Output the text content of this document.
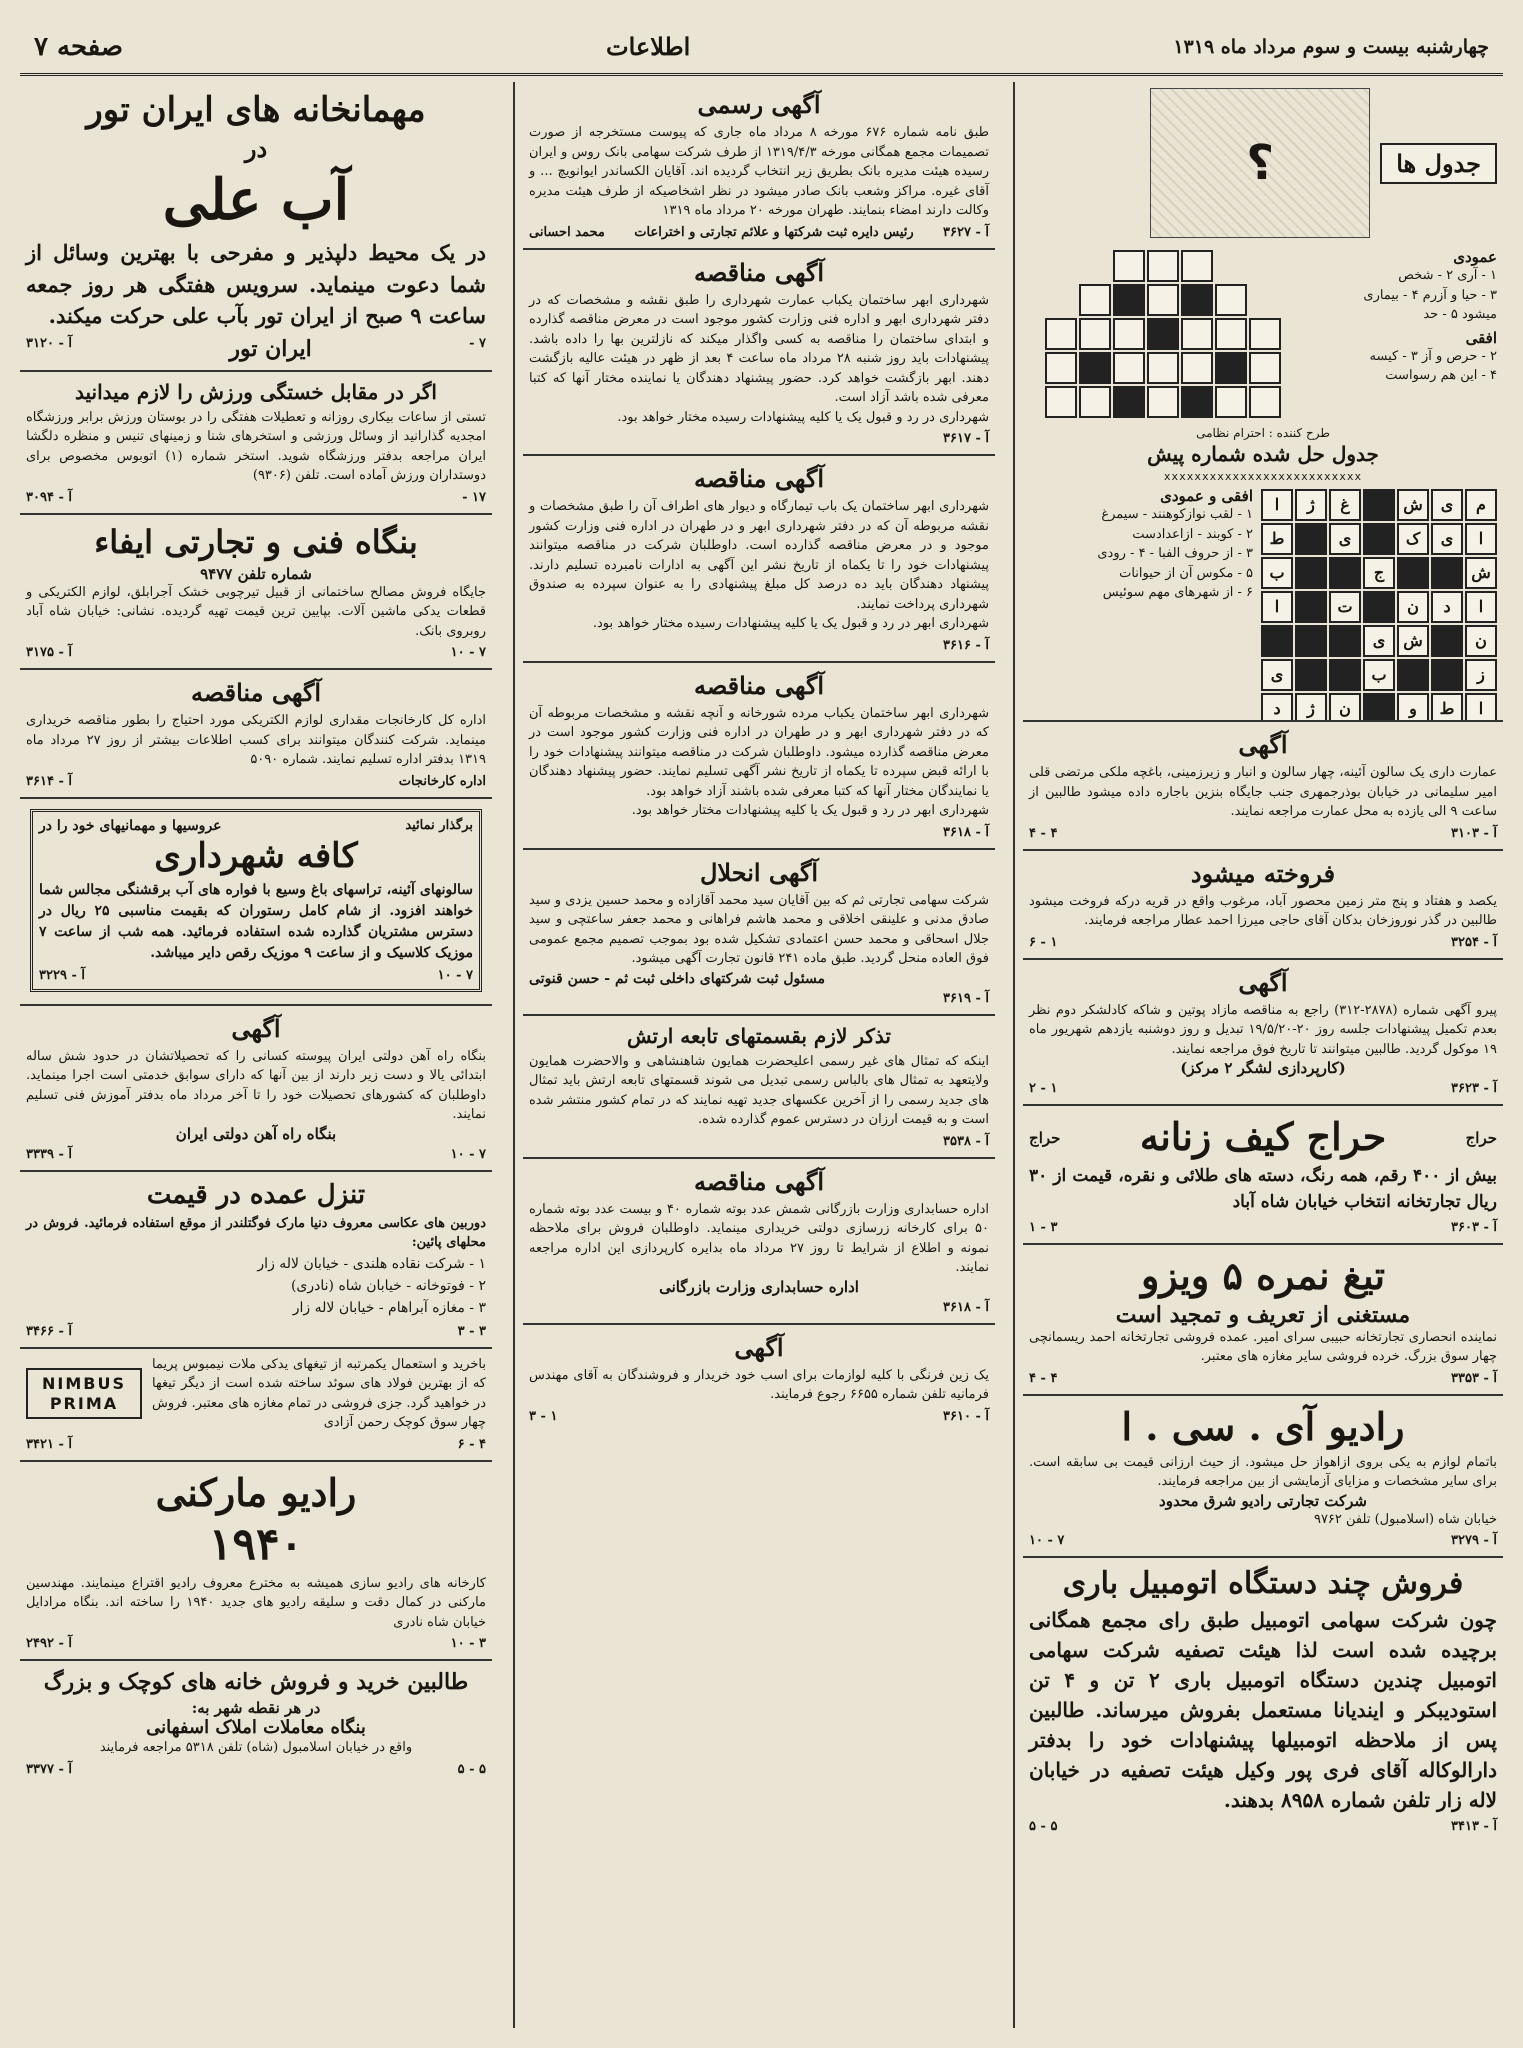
چهارشنبه بیست و سوم مرداد ماه ۱۳۱۹
اطلاعات
صفحه ۷
جدول ها
؟
عمودی
۱ - آری ۲ - شخص
۳ - حیا و آزرم ۴ - بیماری
میشود ۵ - حد
افقی
۲ - حرص و آز ۳ - کیسه
۴ - این هم رسواست
طرح کننده : احترام نظامی
جدول حل شده شماره پیش
xxxxxxxxxxxxxxxxxxxxxxxxxx
م
ی
ش
غ
ژ
ا
ا
ی
ک
ی
ط
ش
ج
ب
ا
د
ن
ت
ا
ن
ش
ی
ز
ب
ی
ا
ط
و
ن
ژ
د
افقی و عمودی
۱ - لقب نوازکوهنند - سیمرغ
۲ - کوبند - ازاعدادست
۳ - از حروف الفبا - ۴ - رودی
۵ - مکوس آن از حیوانات
۶ - از شهرهای مهم سوئیس
آگهی
عمارت داری یک سالون آئینه، چهار سالون و انبار و زیرزمینی، باغچه ملکی مرتضی قلی امیر سلیمانی در خیابان بوذرجمهری جنب جایگاه بنزین باجاره داده میشود طالبین از ساعت ۹ الی یازده به محل عمارت مراجعه نمایند.
آ - ۳۱۰۳
۴ - ۴
فروخته میشود
یکصد و هفتاد و پنج متر زمین محصور آباد، مرغوب واقع در قریه درکه فروخت میشود طالبین در گذر نوروزخان بدکان آقای حاجی میرزا احمد عطار مراجعه فرمایند.
آ - ۳۲۵۴
۱ - ۶
آگهی
پیرو آگهی شماره (۲۸۷۸-۳۱۲) راجع به مناقصه مازاد پوتین و شاکه کادلشکر دوم نظر بعدم تکمیل پیشنهادات جلسه روز ۲۰-۱۹/۵/۲۰ تبدیل و روز دوشنبه یازدهم شهریور ماه ۱۹ موکول گردید. طالبین میتوانند تا تاریخ فوق مراجعه نمایند.
(کارپردازی لشگر ۲ مرکز)
آ - ۳۶۲۳
۱ - ۲
حراج
حراج کیف زنانه
حراج
بیش از ۴۰۰ رقم، همه رنگ، دسته های طلائی و نقره، قیمت از ۳۰ ریال تجارتخانه انتخاب خیابان شاه آباد
آ - ۳۶۰۳
۳ - ۱
تیغ نمره ۵ ویزو
مستغنی از تعریف و تمجید است
نماینده انحصاری تجارتخانه حبیبی سرای امیر. عمده فروشی تجارتخانه احمد ریسمانچی چهار سوق بزرگ. خرده فروشی سایر مغازه های معتبر.
آ - ۳۳۵۳
۴ - ۴
رادیو آی . سی . ا
باتمام لوازم به یکی بروی ازاهواز حل میشود. از حیث ارزانی قیمت بی سابقه است. برای سایر مشخصات و مزایای آزمایشی از بین مراجعه فرمایند.
شرکت تجارتی رادیو شرق محدود
خیابان شاه (اسلامبول) تلفن ۹۷۶۲
آ - ۳۲۷۹
۷ - ۱۰
فروش چند دستگاه اتومبیل باری
چون شرکت سهامی اتومبیل طبق رای مجمع همگانی برچیده شده است لذا هیئت تصفیه شرکت سهامی اتومبیل چندین دستگاه اتومبیل باری ۲ تن و ۴ تن استودیبکر و ایندیانا مستعمل بفروش میرساند. طالبین پس از ملاحظه اتومبیلها پیشنهادات خود را بدفتر دارالوکاله آقای فری پور وکیل هیئت تصفیه در خیابان لاله زار تلفن شماره ۸۹۵۸ بدهند.
آ - ۳۴۱۳
۵ - ۵
آگهی رسمی
طبق نامه شماره ۶۷۶ مورخه ۸ مرداد ماه جاری که پیوست مستخرجه از صورت تصمیمات مجمع همگانی مورخه ۱۳۱۹/۴/۳ از طرف شرکت سهامی بانک روس و ایران رسیده هیئت مدیره بانک بطریق زیر انتخاب گردیده اند. آقایان الکساندر ایوانویچ ... و آقای غیره. مراکز وشعب بانک صادر میشود در نظر اشخاصیکه از طرف هیئت مدیره وکالت دارند امضاء بنمایند. طهران مورخه ۲۰ مرداد ماه ۱۳۱۹
آ - ۳۶۲۷
رئیس دایره ثبت شرکتها و علائم تجارتی و اختراعات
محمد احسانی
آگهی مناقصه
شهرداری ابهر ساختمان یکباب عمارت شهرداری را طبق نقشه و مشخصات که در دفتر شهرداری ابهر و اداره فنی وزارت کشور موجود است در معرض مناقصه گذارده و ابتدای ساختمان را مناقصه به کسی واگذار میکند که نازلترین بها را داده باشد. پیشنهادات باید روز شنبه ۲۸ مرداد ماه ساعت ۴ بعد از ظهر در هیئت عالیه بازگشت دهند. ابهر بازگشت خواهد کرد. حضور پیشنهاد دهندگان یا نماینده مختار آنها که کتبا معرفی شده باشد آزاد است.
شهرداری در رد و قبول یک یا کلیه پیشنهادات رسیده مختار خواهد بود.
آ - ۳۶۱۷
آگهی مناقصه
شهرداری ابهر ساختمان یک باب تیمارگاه و دیوار های اطراف آن را طبق مشخصات و نقشه مربوطه آن که در دفتر شهرداری ابهر و در طهران در اداره فنی وزارت کشور موجود و در معرض مناقصه گذارده است. داوطلبان شرکت در مناقصه میتوانند پیشنهادات خود را تا یکماه از تاریخ نشر این آگهی به ادارات نامبرده تسلیم دارند. پیشنهاد دهندگان باید ده درصد کل مبلغ پیشنهادی را به عنوان سپرده به صندوق شهرداری پرداخت نمایند.
شهرداری ابهر در رد و قبول یک یا کلیه پیشنهادات رسیده مختار خواهد بود.
آ - ۳۶۱۶
آگهی مناقصه
شهرداری ابهر ساختمان یکباب مرده شورخانه و آنچه نقشه و مشخصات مربوطه آن که در دفتر شهرداری ابهر و در طهران در اداره فنی وزارت کشور موجود است در معرض مناقصه گذارده میشود. داوطلبان شرکت در مناقصه میتوانند پیشنهادات خود را با ارائه قبض سپرده تا یکماه از تاریخ نشر آگهی تسلیم نمایند. حضور پیشنهاد دهندگان یا نمایندگان مختار آنها که کتبا معرفی شده باشند آزاد خواهد بود.
شهرداری ابهر در رد و قبول یک یا کلیه پیشنهادات مختار خواهد بود.
آ - ۳۶۱۸
آگهی انحلال
شرکت سهامی تجارتی ثم که بین آقایان سید محمد آقازاده و محمد حسین یزدی و سید صادق مدنی و علینقی اخلاقی و محمد هاشم فراهانی و محمد جعفر ساعتچی و سید جلال اسحاقی و محمد حسن اعتمادی تشکیل شده بود بموجب تصمیم مجمع عمومی فوق العاده منحل گردید. طبق ماده ۲۴۱ قانون تجارت آگهی میشود.
مسئول ثبت شرکتهای داخلی ثبت ثم - حسن قنوتی
آ - ۳۶۱۹
تذکر لازم بقسمتهای تابعه ارتش
اینکه که تمثال های غیر رسمی اعلیحضرت همایون شاهنشاهی و والاحضرت همایون ولایتعهد به تمثال های بالباس رسمی تبدیل می شوند قسمتهای تابعه ارتش باید تمثال های جدید رسمی را از آخرین عکسهای جدید تهیه نمایند که در تمام کشور منتشر شده است و به قیمت ارزان در دسترس عموم گذارده شده.
آ - ۳۵۳۸
آگهی مناقصه
اداره حسابداری وزارت بازرگانی شمش عدد بوته شماره ۴۰ و بیست عدد بوته شماره ۵۰ برای کارخانه زرسازی دولتی خریداری مینماید. داوطلبان فروش برای ملاحظه نمونه و اطلاع از شرایط تا روز ۲۷ مرداد ماه بدایره کارپردازی این اداره مراجعه نمایند.
اداره حسابداری وزارت بازرگانی
آ - ۳۶۱۸
آگهی
یک زین فرنگی با کلیه لوازمات برای اسب خود خریدار و فروشندگان به آقای مهندس فرمانیه تلفن شماره ۶۶۵۵ رجوع فرمایند.
آ - ۳۶۱۰
۱ - ۳
مهمانخانه های ایران تور
در
آب علی
در یک محیط دلپذیر و مفرحی با بهترین وسائل از شما دعوت مینماید. سرویس هفتگی هر روز جمعه ساعت ۹ صبح از ایران تور بآب علی حرکت میکند.
۷ -
ایران تور
آ - ۳۱۲۰
اگر در مقابل خستگی ورزش را لازم میدانید
تستی از ساعات بیکاری روزانه و تعطیلات هفتگی را در بوستان ورزش برابر ورزشگاه امجدیه گذارانید از وسائل ورزشی و استخرهای شنا و زمینهای تنیس و منظره دلگشا ایران مراجعه بدفتر ورزشگاه شوید. استخر شماره (۱) اتوبوس مخصوص برای دوستداران ورزش آماده است. تلفن (۹۳۰۶)
۱۷ -
آ - ۳۰۹۴
بنگاه فنی و تجارتی ایفاء
شماره تلفن ۹۴۷۷
جایگاه فروش مصالح ساختمانی از قبیل تیرچوبی خشک آجرابلق، لوازم الکتریکی و قطعات یدکی ماشین آلات. بپایین ترین قیمت تهیه گردیده. نشانی: خیابان شاه آباد روبروی بانک.
۷ - ۱۰
آ - ۳۱۷۵
آگهی مناقصه
اداره کل کارخانجات مقداری لوازم الکتریکی مورد احتیاج را بطور مناقصه خریداری مینماید. شرکت کنندگان میتوانند برای کسب اطلاعات بیشتر از روز ۲۷ مرداد ماه ۱۳۱۹ بدفتر اداره تسلیم نمایند. شماره ۵۰۹۰
اداره کارخانجات
آ - ۳۶۱۴
برگذار نمائید
عروسیها و مهمانیهای خود را در
کافه شهرداری
سالونهای آئینه، تراسهای باغ وسیع با فواره های آب برقشنگی مجالس شما خواهند افزود. از شام کامل رستوران که بقیمت مناسبی ۲۵ ریال در دسترس مشتریان گذارده شده استفاده فرمائید. همه شب از ساعت ۷ موزیک کلاسیک و از ساعت ۹ موزیک رقص دایر میباشد.
۷ - ۱۰
آ - ۳۲۲۹
آگهی
بنگاه راه آهن دولتی ایران پیوسته کسانی را که تحصیلاتشان در حدود شش ساله ابتدائی یالا و دست زیر دارند از بین آنها که دارای سوابق خدمتی است اجرا مینماید. داوطلبان که کشورهای تحصیلات خود را تا آخر مرداد ماه بدفتر آموزش فنی تسلیم نمایند.
بنگاه راه آهن دولتی ایران
۷ - ۱۰
آ - ۳۳۳۹
تنزل عمده در قیمت
دوربین های عکاسی معروف دنیا مارک فوگتلندر از موقع استفاده فرمائید. فروش در محلهای پائین:
۱ - شرکت نقاده هلندی - خیابان لاله زار
۲ - فوتوخانه - خیابان شاه (نادری)
۳ - مغازه آبراهام - خیابان لاله زار
۳ - ۳
آ - ۳۴۶۶
باخرید و استعمال یکمرتبه از تیغهای یدکی ملات نیمبوس پریما که از بهترین فولاد های سوئد ساخته شده است از دیگر تیغها در خواهید گرد. جزی فروشی در تمام مغازه های معتبر. فروش چهار سوق کوچک رحمن آزادی
NIMBUS
PRIMA
۴ - ۶
آ - ۳۴۲۱
رادیو مارکنی
۱۹۴۰
کارخانه های رادیو سازی همیشه به مخترع معروف رادیو اقتراع مینمایند. مهندسین مارکنی در کمال دقت و سلیقه رادیو های جدید ۱۹۴۰ را ساخته اند. بنگاه مرادایل خیابان شاه نادری
۳ - ۱۰
آ - ۲۴۹۲
طالبین خرید و فروش خانه های کوچک و بزرگ
در هر نقطه شهر به:
بنگاه معاملات املاک اسفهانی
واقع در خیابان اسلامبول (شاه) تلفن ۵۳۱۸ مراجعه فرمایند
۵ - ۵
آ - ۳۳۷۷
